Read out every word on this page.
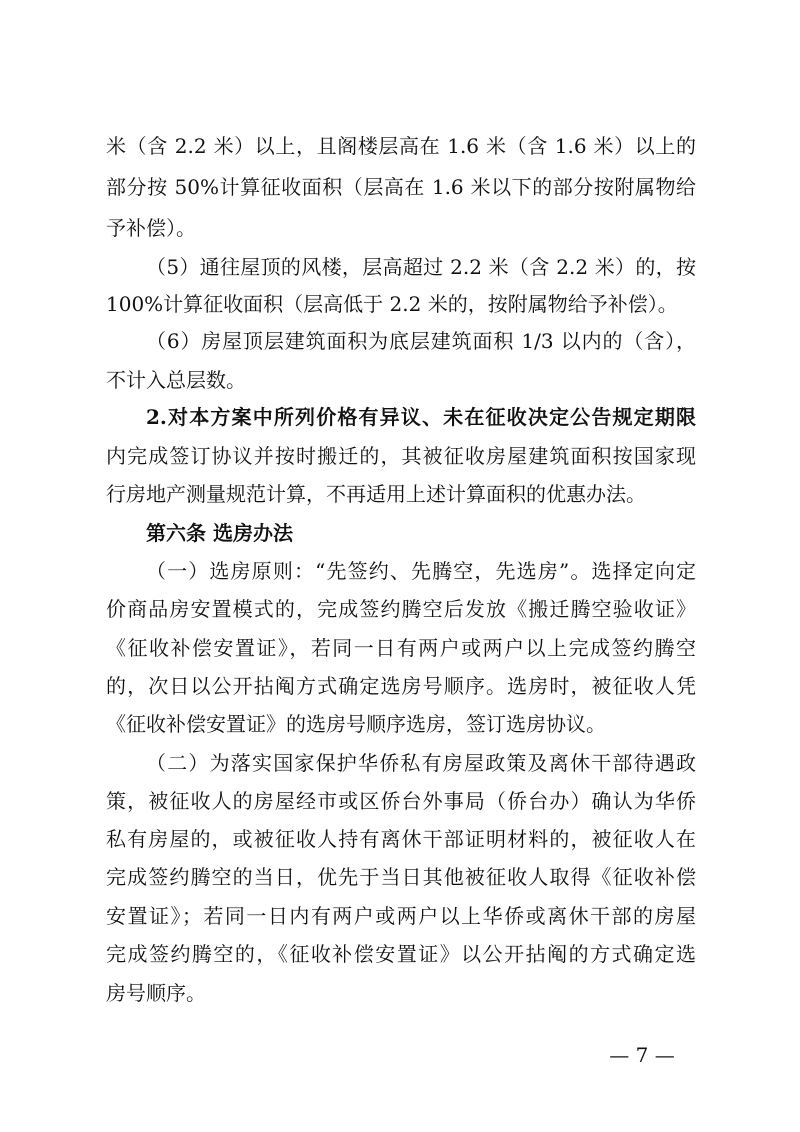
米（含 2.2 米）以上，且阁楼层高在 1.6 米（含 1.6 米）以上的
部分按 50%计算征收面积（层高在 1.6 米以下的部分按附属物给
予补偿）。
（5）通往屋顶的风楼，层高超过 2.2 米（含 2.2 米）的，按
100%计算征收面积（层高低于 2.2 米的，按附属物给予补偿）。
（6）房屋顶层建筑面积为底层建筑面积 1/3 以内的（含），
不计入总层数。
2.对本方案中所列价格有异议、未在征收决定公告规定期限
内完成签订协议并按时搬迁的，其被征收房屋建筑面积按国家现
行房地产测量规范计算，不再适用上述计算面积的优惠办法。
第六条 选房办法
（一）选房原则：“先签约、先腾空，先选房”。选择定向定
价商品房安置模式的，完成签约腾空后发放《搬迁腾空验收证》
《征收补偿安置证》，若同一日有两户或两户以上完成签约腾空
的，次日以公开拈阄方式确定选房号顺序。选房时，被征收人凭
《征收补偿安置证》的选房号顺序选房，签订选房协议。
（二）为落实国家保护华侨私有房屋政策及离休干部待遇政
策，被征收人的房屋经市或区侨台外事局（侨台办）确认为华侨
私有房屋的，或被征收人持有离休干部证明材料的，被征收人在
完成签约腾空的当日，优先于当日其他被征收人取得《征收补偿
安置证》；若同一日内有两户或两户以上华侨或离休干部的房屋
完成签约腾空的，《征收补偿安置证》以公开拈阄的方式确定选
房号顺序。
— 7 —
